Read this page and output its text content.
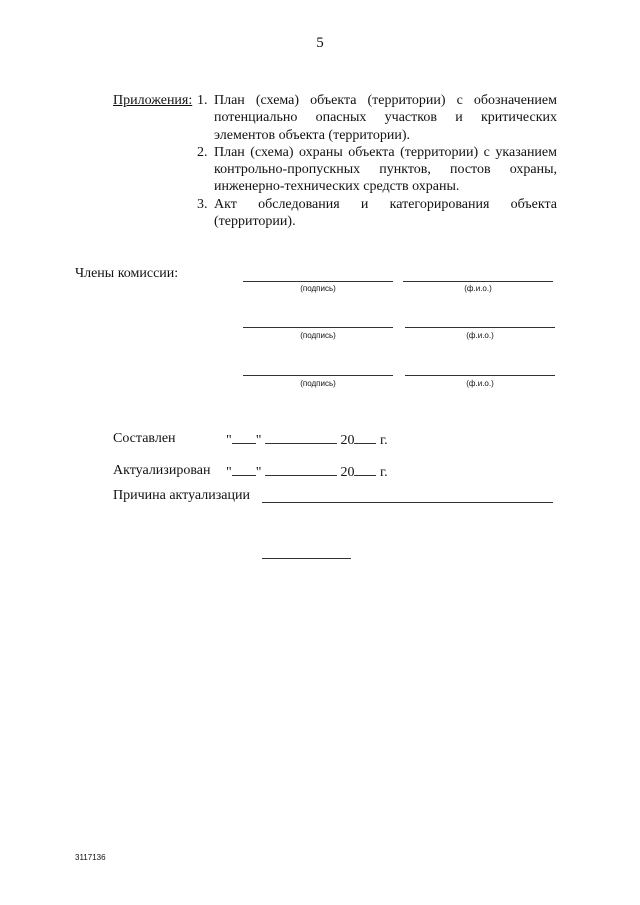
5
Приложения: 1. План (схема) объекта (территории) с обозначением потенциально опасных участков и критических элементов объекта (территории).
2. План (схема) охраны объекта (территории) с указанием контрольно-пропускных пунктов, постов охраны, инженерно-технических средств охраны.
3. Акт обследования и категорирования объекта (территории).
Члены комиссии:
(подпись)	(ф.и.о.)
(подпись)	(ф.и.о.)
(подпись)	(ф.и.о.)
Составлен	" "	20 г.
Актуализирован " "	20 г.
Причина актуализации
3117136
